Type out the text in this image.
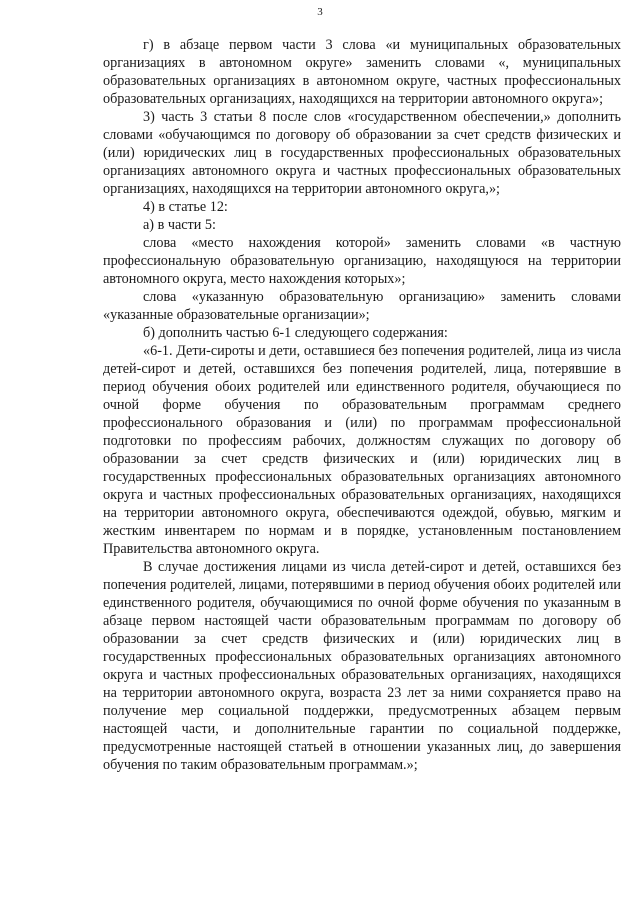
3

г) в абзаце первом части 3 слова «и муниципальных образовательных организациях в автономном округе» заменить словами «, муниципальных образовательных организациях в автономном округе, частных профессиональных образовательных организациях, находящихся на территории автономного округа»;

3) часть 3 статьи 8 после слов «государственном обеспечении,» дополнить словами «обучающимся по договору об образовании за счет средств физических и (или) юридических лиц в государственных профессиональных образовательных организациях автономного округа и частных профессиональных образовательных организациях, находящихся на территории автономного округа,»;

4) в статье 12:

а) в части 5:

слова «место нахождения которой» заменить словами «в частную профессиональную образовательную организацию, находящуюся на территории автономного округа, место нахождения которых»;

слова «указанную образовательную организацию» заменить словами «указанные образовательные организации»;

б) дополнить частью 6-1 следующего содержания:

«6-1. Дети-сироты и дети, оставшиеся без попечения родителей, лица из числа детей-сирот и детей, оставшихся без попечения родителей, лица, потерявшие в период обучения обоих родителей или единственного родителя, обучающиеся по очной форме обучения по образовательным программам среднего профессионального образования и (или) по программам профессиональной подготовки по профессиям рабочих, должностям служащих по договору об образовании за счет средств физических и (или) юридических лиц в государственных профессиональных образовательных организациях автономного округа и частных профессиональных образовательных организациях, находящихся на территории автономного округа, обеспечиваются одеждой, обувью, мягким и жестким инвентарем по нормам и в порядке, установленным постановлением Правительства автономного округа.

В случае достижения лицами из числа детей-сирот и детей, оставшихся без попечения родителей, лицами, потерявшими в период обучения обоих родителей или единственного родителя, обучающимися по очной форме обучения по указанным в абзаце первом настоящей части образовательным программам по договору об образовании за счет средств физических и (или) юридических лиц в государственных профессиональных образовательных организациях автономного округа и частных профессиональных образовательных организациях, находящихся на территории автономного округа, возраста 23 лет за ними сохраняется право на получение мер социальной поддержки, предусмотренных абзацем первым настоящей части, и дополнительные гарантии по социальной поддержке, предусмотренные настоящей статьей в отношении указанных лиц, до завершения обучения по таким образовательным программам.»;
